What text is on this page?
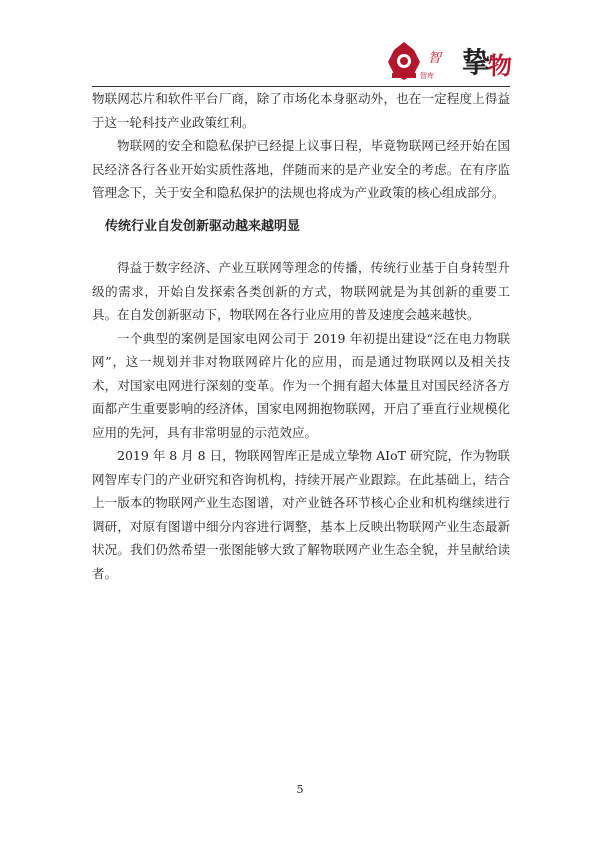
智
智库 挚
物

物联网芯片和软件平台厂商，除了市场化本身驱动外，也在一定程度上得益于这一轮科技产业政策红利。

物联网的安全和隐私保护已经提上议事日程，毕竟物联网已经开始在国民经济各行各业开始实质性落地，伴随而来的是产业安全的考虑。在有序监管理念下，关于安全和隐私保护的法规也将成为产业政策的核心组成部分。

传统行业自发创新驱动越来越明显

得益于数字经济、产业互联网等理念的传播，传统行业基于自身转型升级的需求，开始自发探索各类创新的方式，物联网就是为其创新的重要工具。在自发创新驱动下，物联网在各行业应用的普及速度会越来越快。

一个典型的案例是国家电网公司于 2019 年初提出建设“泛在电力物联网”，这一规划并非对物联网碎片化的应用，而是通过物联网以及相关技术，对国家电网进行深刻的变革。作为一个拥有超大体量且对国民经济各方面都产生重要影响的经济体，国家电网拥抱物联网，开启了垂直行业规模化应用的先河，具有非常明显的示范效应。

2019 年 8 月 8 日，物联网智库正是成立挚物 AIoT 研究院，作为物联网智库专门的产业研究和咨询机构，持续开展产业跟踪。在此基础上，结合上一版本的物联网产业生态图谱，对产业链各环节核心企业和机构继续进行调研，对原有图谱中细分内容进行调整，基本上反映出物联网产业生态最新状况。我们仍然希望一张图能够大致了解物联网产业生态全貌，并呈献给读者。

5
